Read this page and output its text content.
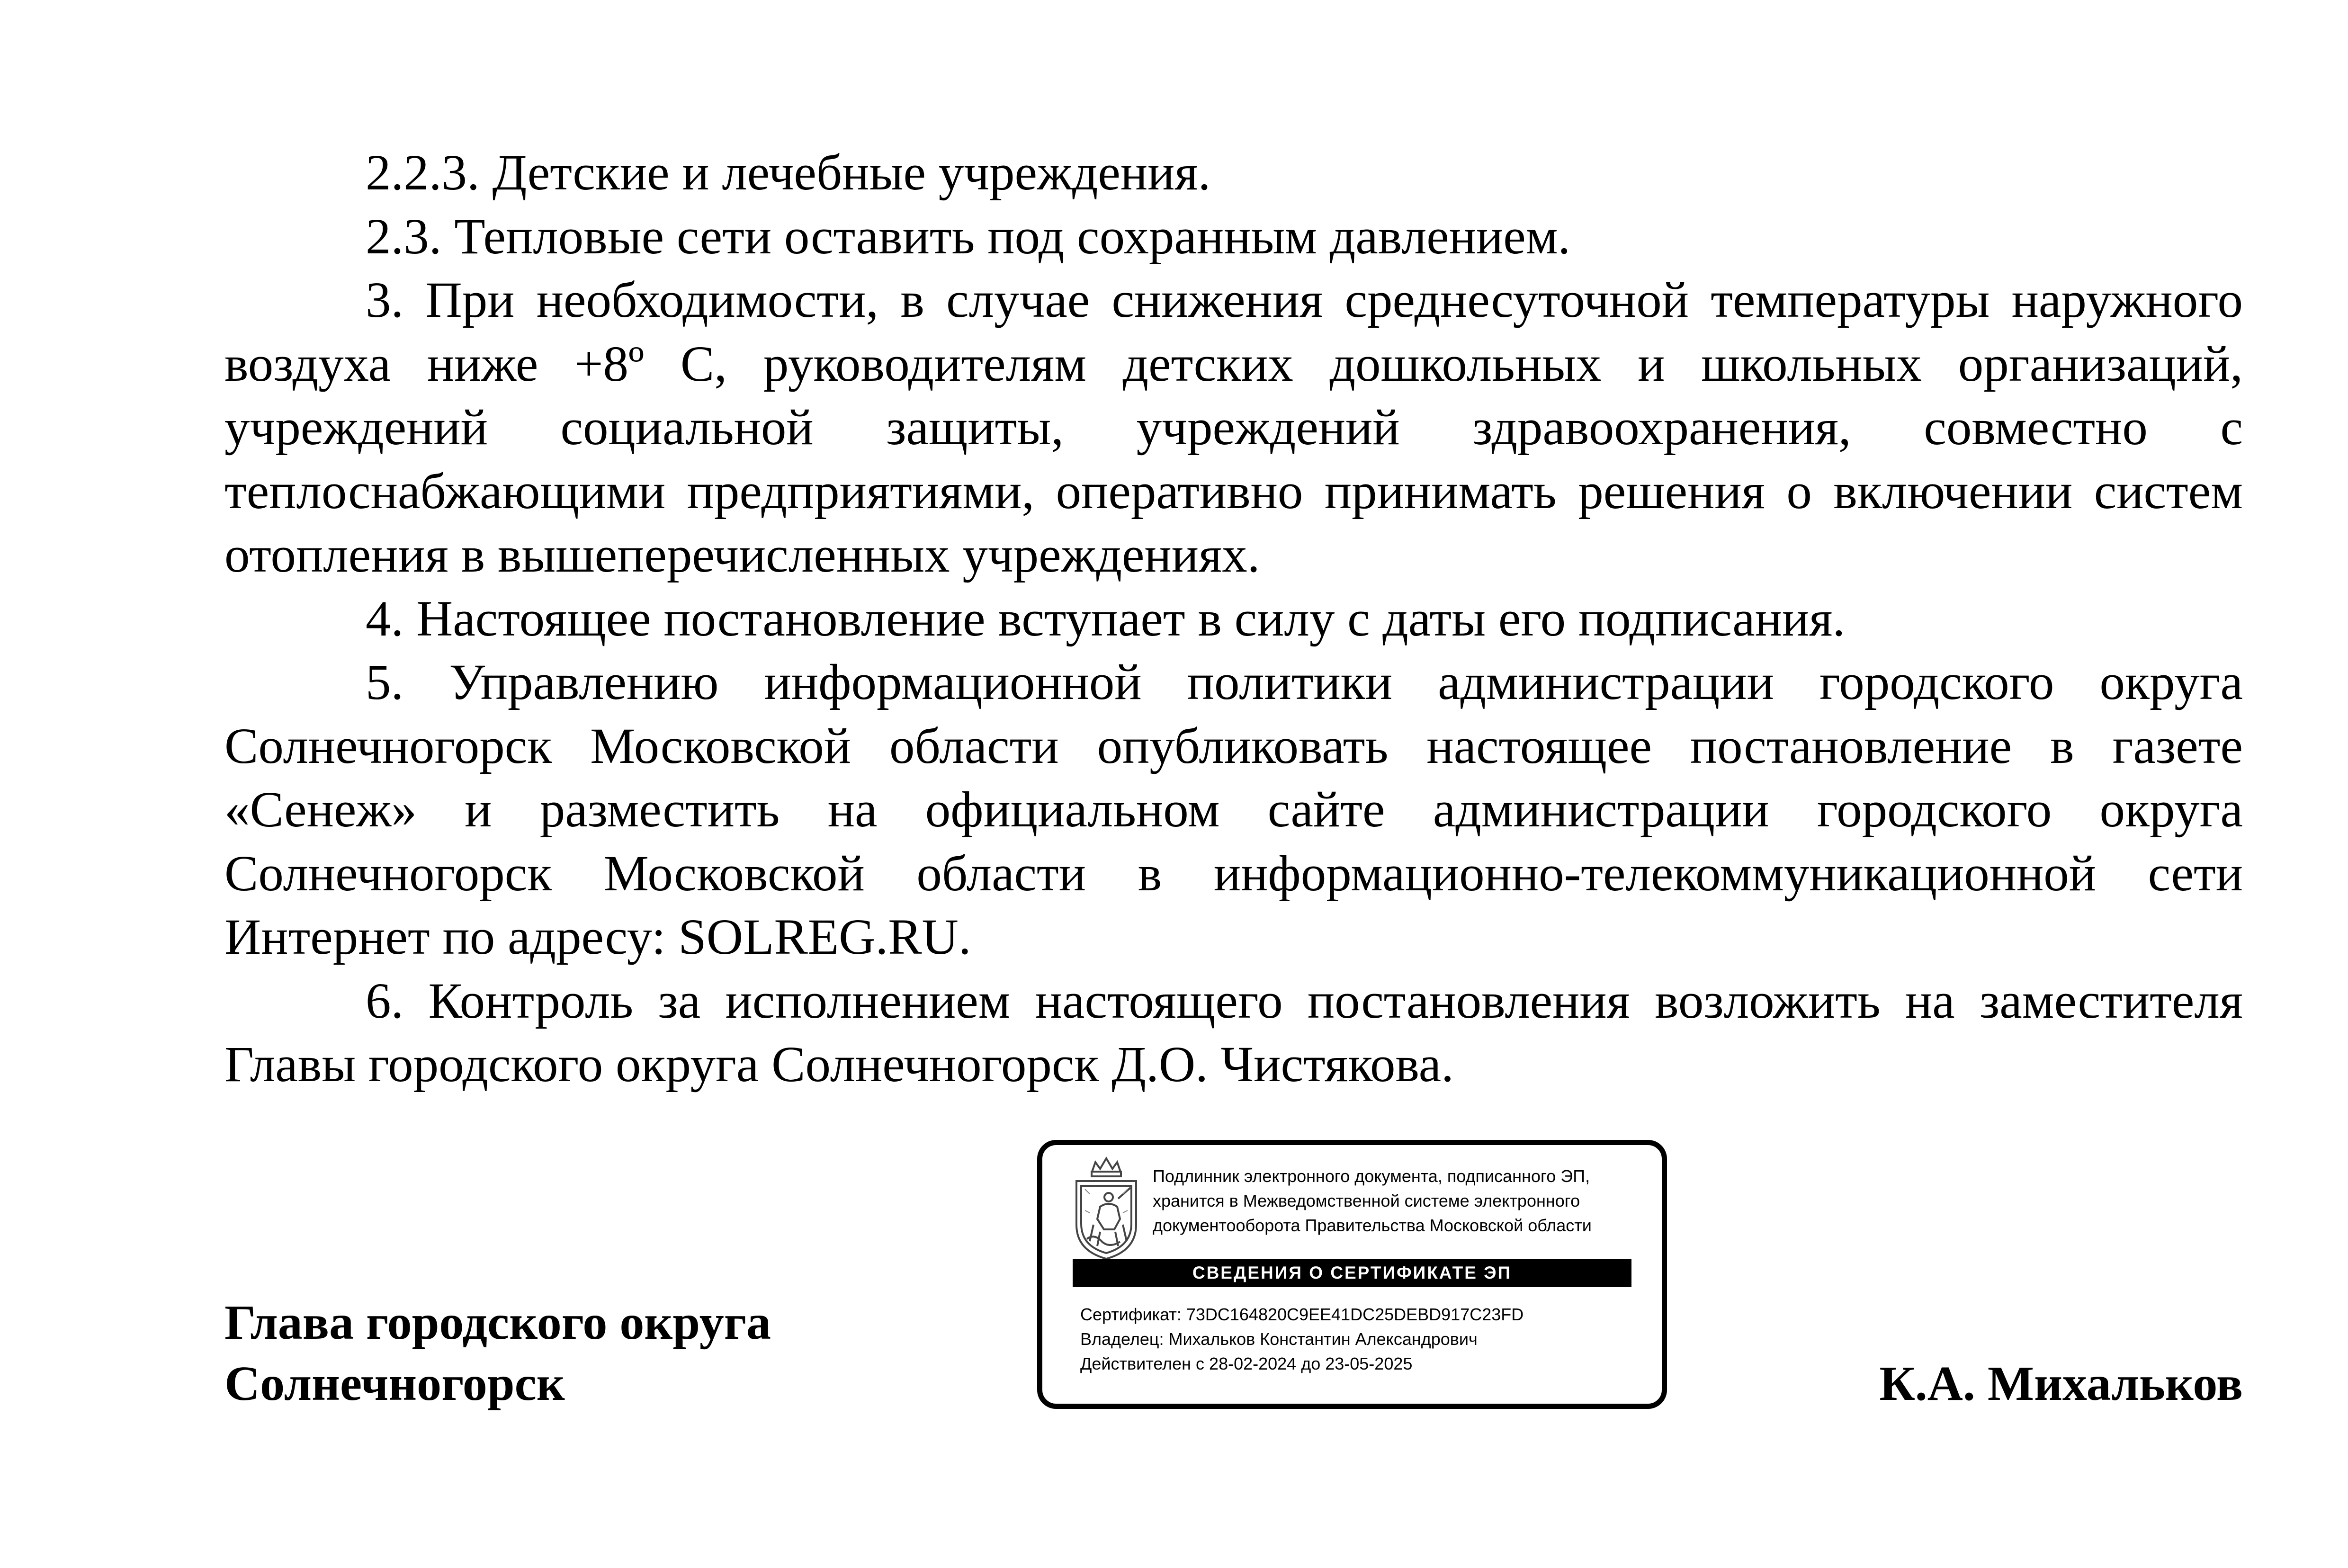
2.2.3. Детские и лечебные учреждения.

2.3. Тепловые сети оставить под сохранным давлением.

3. При необходимости, в случае снижения среднесуточной температуры наружного воздуха ниже +8º С, руководителям детских дошкольных и школьных организаций, учреждений социальной защиты, учреждений здравоохранения, совместно с теплоснабжающими предприятиями, оперативно принимать решения о включении систем отопления в вышеперечисленных учреждениях.

4. Настоящее постановление вступает в силу с даты его подписания.

5. Управлению информационной политики администрации городского округа Солнечногорск Московской области опубликовать настоящее постановление в газете «Сенеж» и разместить на официальном сайте администрации городского округа Солнечногорск Московской области в информационно-телекоммуникационной сети Интернет по адресу: SOLREG.RU.

6. Контроль за исполнением настоящего постановления возложить на заместителя Главы городского округа Солнечногорск Д.О. Чистякова.

Глава городского округа
Солнечногорск
Подлинник электронного документа, подписанного ЭП,
хранится в Межведомственной системе электронного
документооборота Правительства Московской области
СВЕДЕНИЯ О СЕРТИФИКАТЕ ЭП
Сертификат: 73DC164820C9EE41DC25DEBD917C23FD
Владелец: Михальков Константин Александрович
Действителен с 28-02-2024 до 23-05-2025	К.А. Михальков
